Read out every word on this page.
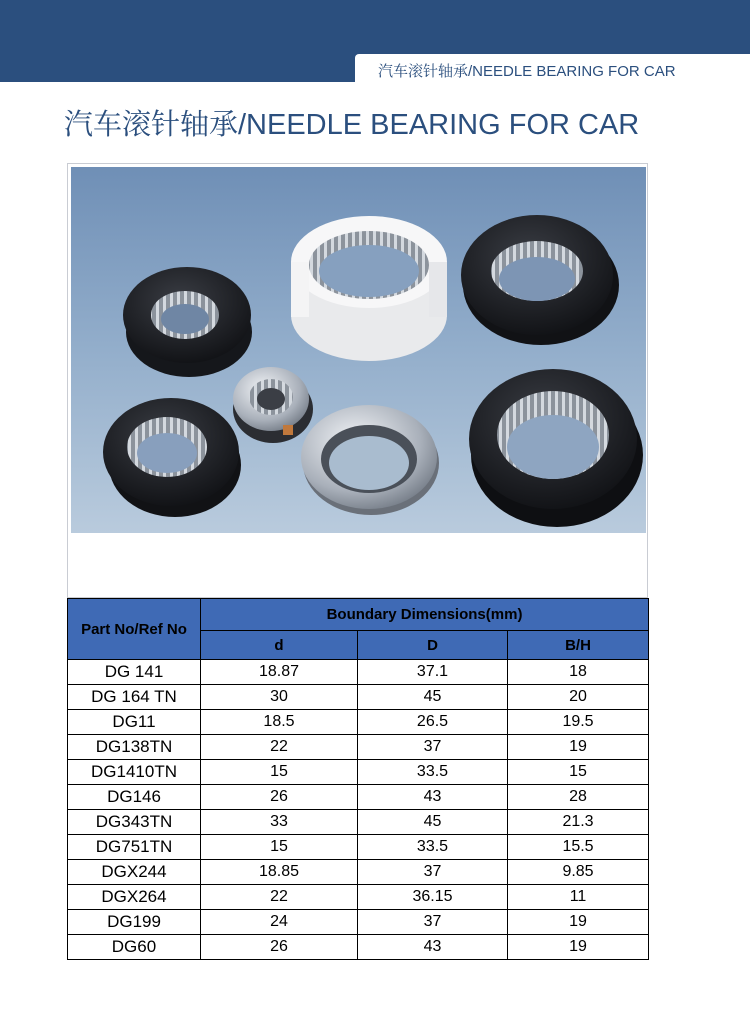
汽车滚针轴承/NEEDLE BEARING FOR CAR
汽车滚针轴承/NEEDLE BEARING FOR CAR
Part No/Ref No	Boundary Dimensions(mm)		
	d	D	B/H
DG 141	18.87	37.1	18
DG 164 TN	30	45	20
DG11	18.5	26.5	19.5
DG138TN	22	37	19
DG1410TN	15	33.5	15
DG146	26	43	28
DG343TN	33	45	21.3
DG751TN	15	33.5	15.5
DGX244	18.85	37	9.85
DGX264	22	36.15	11
DG199	24	37	19
DG60	26	43	19
